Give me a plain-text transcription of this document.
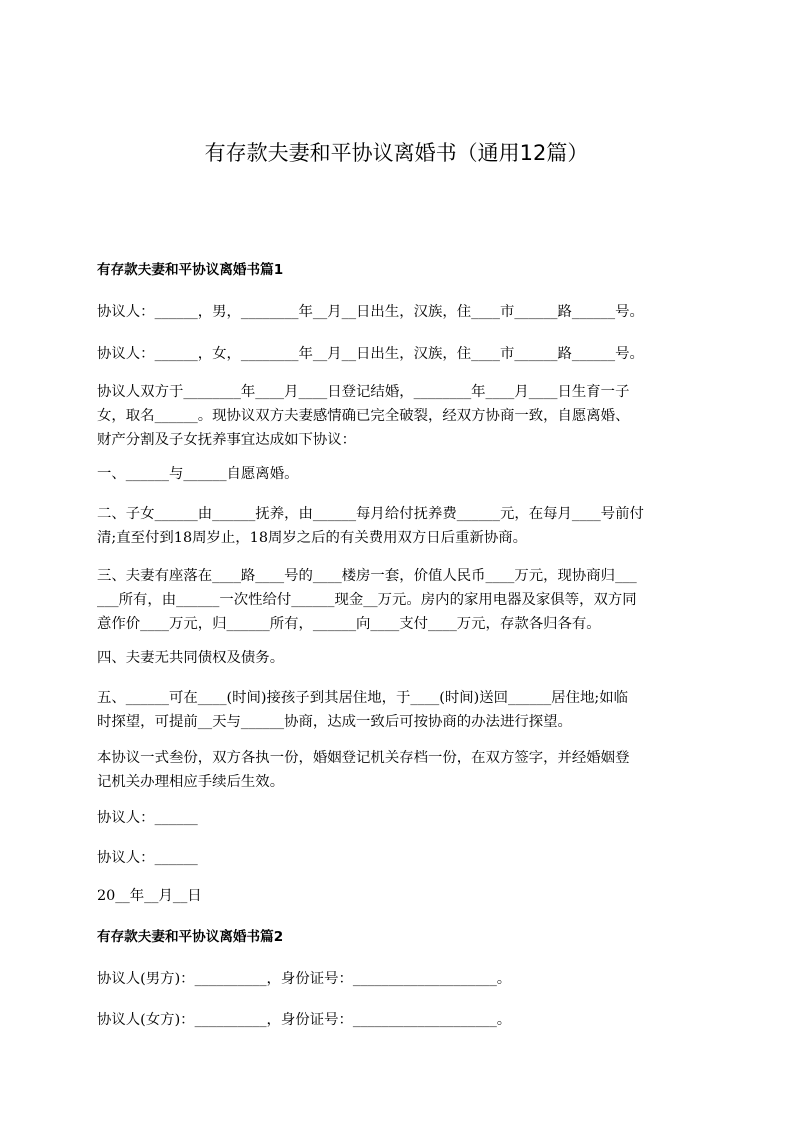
有存款夫妻和平协议离婚书（通用12篇）
有存款夫妻和平协议离婚书篇1
协议人：______，男，________年__月__日出生，汉族，住____市______路______号。
协议人：______，女，________年__月__日出生，汉族，住____市______路______号。
协议人双方于________年____月____日登记结婚，________年____月____日生育一子
女，取名______。现协议双方夫妻感情确已完全破裂，经双方协商一致，自愿离婚、
财产分割及子女抚养事宜达成如下协议：
一、______与______自愿离婚。
二、子女______由______抚养，由______每月给付抚养费______元，在每月____号前付
清;直至付到18周岁止，18周岁之后的有关费用双方日后重新协商。
三、夫妻有座落在____路____号的____楼房一套，价值人民币____万元，现协商归___
___所有，由______一次性给付______现金__万元。房内的家用电器及家俱等，双方同
意作价____万元，归______所有，______向____支付____万元，存款各归各有。
四、夫妻无共同债权及债务。
五、______可在____(时间)接孩子到其居住地，于____(时间)送回______居住地;如临
时探望，可提前__天与______协商，达成一致后可按协商的办法进行探望。
本协议一式叁份，双方各执一份，婚姻登记机关存档一份，在双方签字，并经婚姻登
记机关办理相应手续后生效。
协议人：______
协议人：______
20__年__月__日
有存款夫妻和平协议离婚书篇2
协议人(男方)：__________，身份证号：____________________。
协议人(女方)：__________，身份证号：____________________。
